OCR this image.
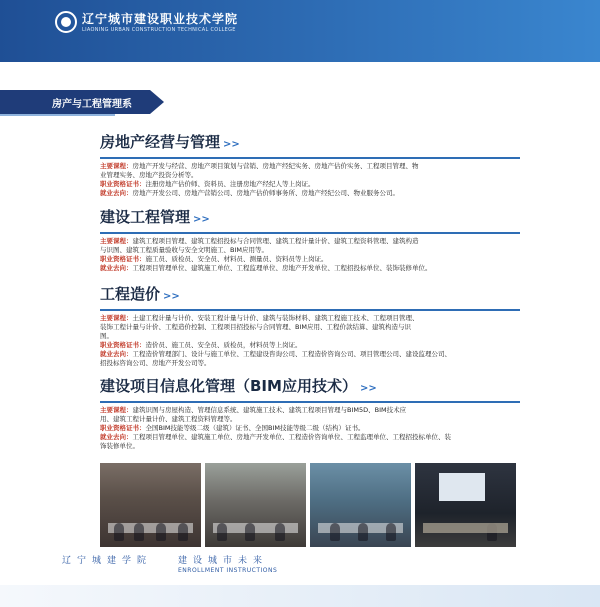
辽宁城市建设职业技术学院
LIAONING URBAN CONSTRUCTION TECHNICAL COLLEGE
房产与工程管理系
房地产经营与管理 >>
主要课程：房地产开发与经营、房地产项目策划与营销、房地产经纪实务、房地产估价实务、工程项目管理、物
业管理实务、房地产投资分析等。
职业资格证书：注册房地产估价师、资料员、注册房地产经纪人等上岗证。
就业去向：房地产开发公司、房地产营销公司、房地产估价师事务所、房地产经纪公司、物业服务公司。
建设工程管理 >>
主要课程：建筑工程项目管理、建筑工程招投标与合同管理、建筑工程计量计价、建筑工程资料管理、建筑构造
与识图、建筑工程质量验收与安全文明施工、BIM应用等。
职业资格证书：施工员、质检员、安全员、材料员、测量员、资料员等上岗证。
就业去向：工程项目管理单位、建筑施工单位、工程监理单位、房地产开发单位、工程招投标单位、装饰装修单位。
工程造价 >>
主要课程：土建工程计量与计价、安装工程计量与计价、建筑与装饰材料、建筑工程施工技术、工程项目管理、
装饰工程计量与计价、工程造价控制、工程项目招投标与合同管理、BIM应用、工程价款结算、建筑构造与识
图。
职业资格证书：造价员、施工员、安全员、质检员，材料员等上岗证。
就业去向：工程造价管理部门、设计与施工单位、工程建设咨询公司、工程造价咨询公司、项目管理公司、建设监理公司、
招投标咨询公司、房地产开发公司等。
建设项目信息化管理（BIM应用技术） >>
主要课程：建筑识图与房屋构造、管理信息系统、建筑施工技术、建筑工程项目管理与BIM5D、BIM技术应
用、建筑工程计量计价、建筑工程资料管理等。
职业资格证书：全国BIM技能等级二级（建筑）证书、全国BIM技能等级二级（结构）证书。
就业去向：工程项目管理单位、建筑施工单位、房地产开发单位、工程造价咨询单位、工程监理单位、工程招投标单位、装
饰装修单位。
辽宁城建学院	建设城市未来
ENROLLMENT INSTRUCTIONS
